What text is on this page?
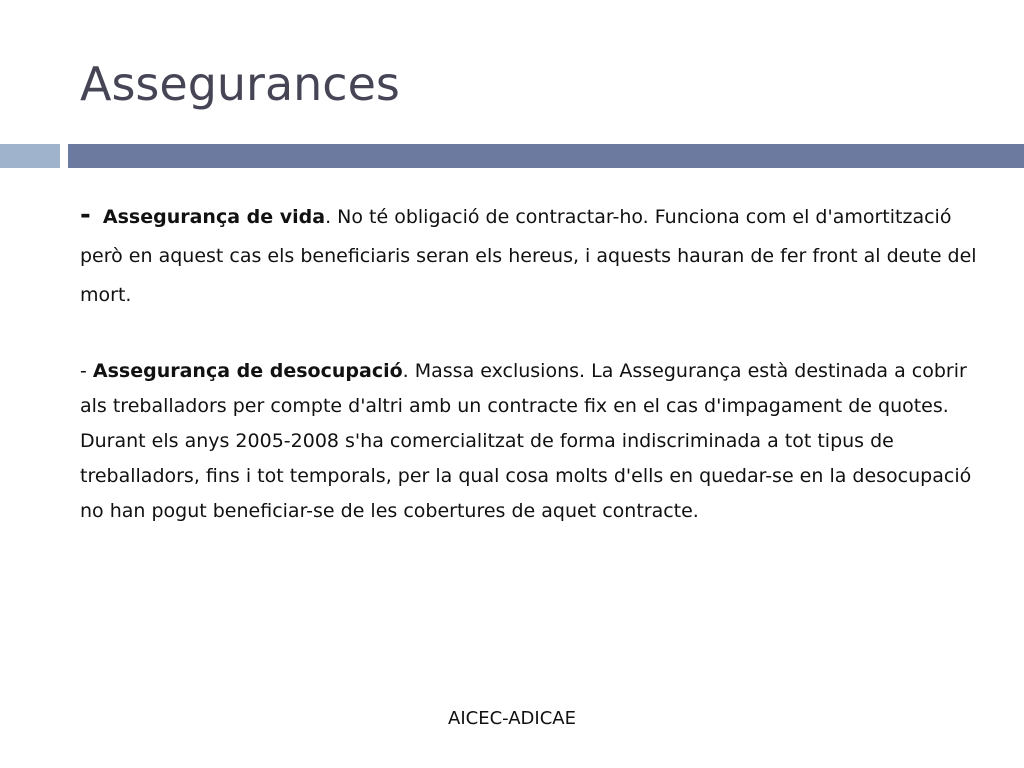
Assegurances

- Assegurança de vida. No té obligació de contractar-ho. Funciona com el d'amortització però en aquest cas els beneficiaris seran els hereus, i aquests hauran de fer front al deute del mort.

- Assegurança de desocupació. Massa exclusions. La Assegurança està destinada a cobrir als treballadors per compte d'altri amb un contracte fix en el cas d'impagament de quotes. Durant els anys 2005-2008 s'ha comercialitzat de forma indiscriminada a tot tipus de treballadors, fins i tot temporals, per la qual cosa molts d'ells en quedar-se en la desocupació no han pogut beneficiar-se de les cobertures de aquet contracte.

AICEC-ADICAE
